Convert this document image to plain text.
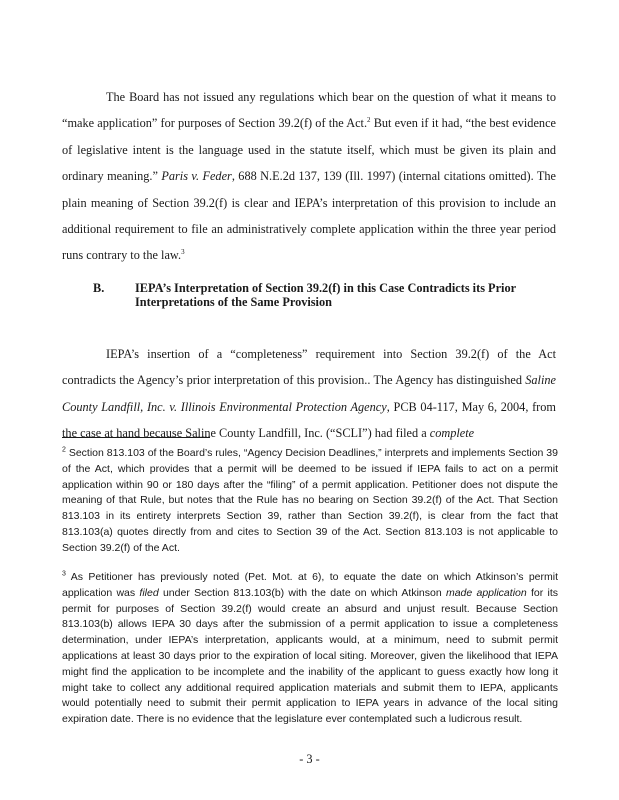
The Board has not issued any regulations which bear on the question of what it means to “make application” for purposes of Section 39.2(f) of the Act.$^2$ But even if it had, “the best evidence of legislative intent is the language used in the statute itself, which must be given its plain and ordinary meaning.” Paris v. Feder, 688 N.E.2d 137, 139 (Ill. 1997) (internal citations omitted). The plain meaning of Section 39.2(f) is clear and IEPA’s interpretation of this provision to include an additional requirement to file an administratively complete application within the three year period runs contrary to the law.$^3$

B. IEPA’s Interpretation of Section 39.2(f) in this Case Contradicts its Prior Interpretations of the Same Provision

IEPA’s insertion of a “completeness” requirement into Section 39.2(f) of the Act contradicts the Agency’s prior interpretation of this provision.. The Agency has distinguished Saline County Landfill, Inc. v. Illinois Environmental Protection Agency, PCB 04-117, May 6, 2004, from the case at hand because Saline County Landfill, Inc. (“SCLI”) had filed a complete

$^2$ Section 813.103 of the Board’s rules, “Agency Decision Deadlines,” interprets and implements Section 39 of the Act, which provides that a permit will be deemed to be issued if IEPA fails to act on a permit application within 90 or 180 days after the “filing” of a permit application. Petitioner does not dispute the meaning of that Rule, but notes that the Rule has no bearing on Section 39.2(f) of the Act. That Section 813.103 in its entirety interprets Section 39, rather than Section 39.2(f), is clear from the fact that 813.103(a) quotes directly from and cites to Section 39 of the Act. Section 813.103 is not applicable to Section 39.2(f) of the Act.

$^3$ As Petitioner has previously noted (Pet. Mot. at 6), to equate the date on which Atkinson’s permit application was filed under Section 813.103(b) with the date on which Atkinson made application for its permit for purposes of Section 39.2(f) would create an absurd and unjust result. Because Section 813.103(b) allows IEPA 30 days after the submission of a permit application to issue a completeness determination, under IEPA’s interpretation, applicants would, at a minimum, need to submit permit applications at least 30 days prior to the expiration of local siting. Moreover, given the likelihood that IEPA might find the application to be incomplete and the inability of the applicant to guess exactly how long it might take to collect any additional required application materials and submit them to IEPA, applicants would potentially need to submit their permit application to IEPA years in advance of the local siting expiration date. There is no evidence that the legislature ever contemplated such a ludicrous result.

- 3 -
